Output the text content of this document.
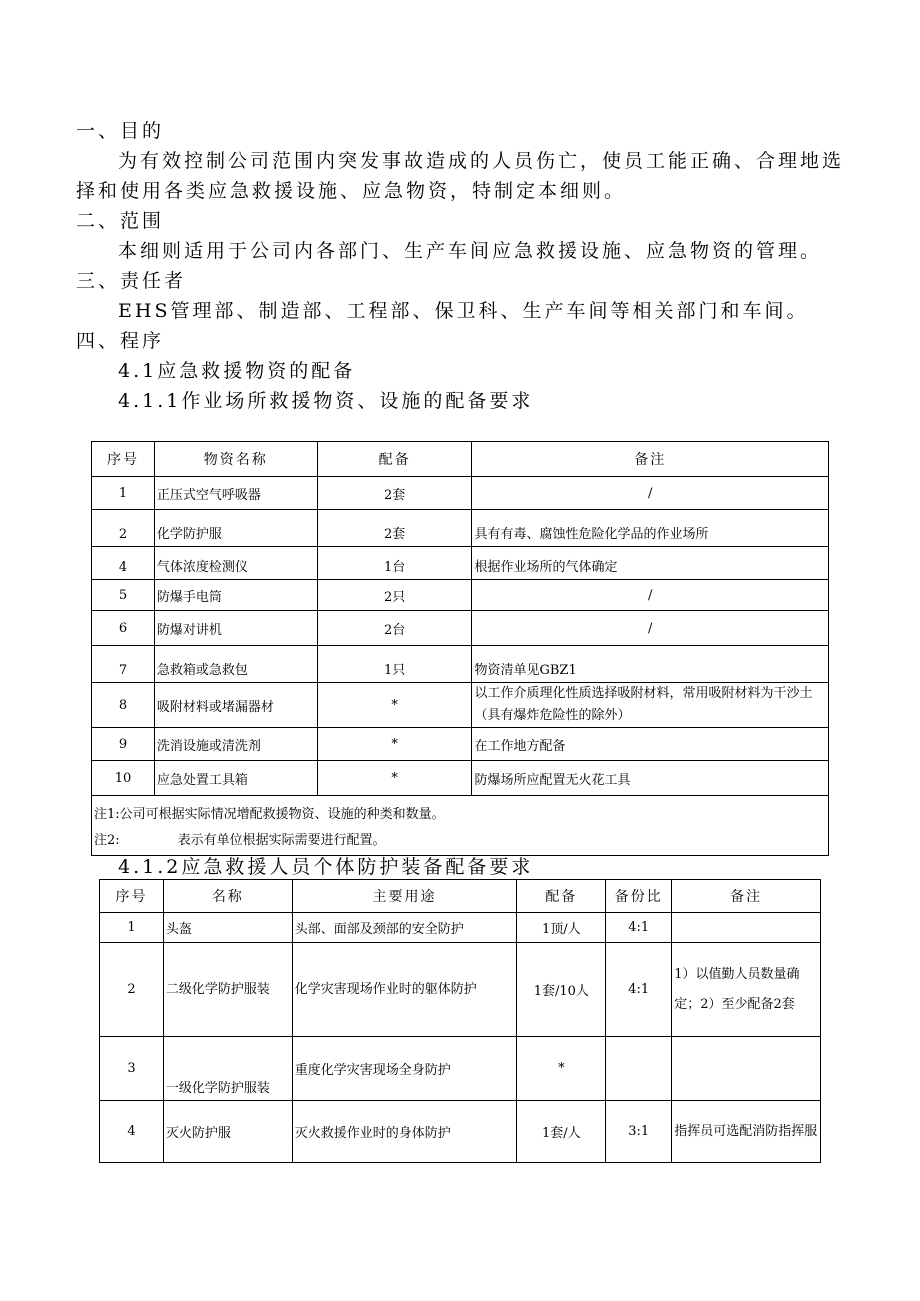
一、目的
为有效控制公司范围内突发事故造成的人员伤亡，使员工能正确、合理地选
择和使用各类应急救援设施、应急物资，特制定本细则。
二、范围
本细则适用于公司内各部门、生产车间应急救援设施、应急物资的管理。
三、责任者
EHS管理部、制造部、工程部、保卫科、生产车间等相关部门和车间。
四、程序
4.1应急救援物资的配备
4.1.1作业场所救援物资、设施的配备要求
序号	物资名称	配备	备注
1	正压式空气呼吸器	2套	/
2	化学防护服	2套	具有有毒、腐蚀性危险化学品的作业场所
4	气体浓度检测仪	1台	根据作业场所的气体确定
5	防爆手电筒	2只	/
6	防爆对讲机	2台	/
7	急救箱或急救包	1只	物资清单见GBZ1
8	吸附材料或堵漏器材	*	以工作介质理化性质选择吸附材料，常用吸附材料为干沙土（具有爆炸危险性的除外）
9	洗消设施或清洗剂	*	在工作地方配备
10	应急处置工具箱	*	防爆场所应配置无火花工具

注1:公司可根据实际情况增配救援物资、设施的种类和数量。
注2: 表示有单位根据实际需要进行配置。			
4.1.2应急救援人员个体防护装备配备要求
序号	名称	主要用途	配备	备份比	备注
1	头盔	头部、面部及颈部的安全防护	1顶/人	4:1	
2	二级化学防护服装	化学灾害现场作业时的躯体防护	1套/10人	4:1	1）以值勤人员数量确定；2）至少配备2套
3	一级化学防护服装	重度化学灾害现场全身防护	*		
4	灭火防护服	灭火救援作业时的身体防护	1套/人	3:1	指挥员可选配消防指挥服
